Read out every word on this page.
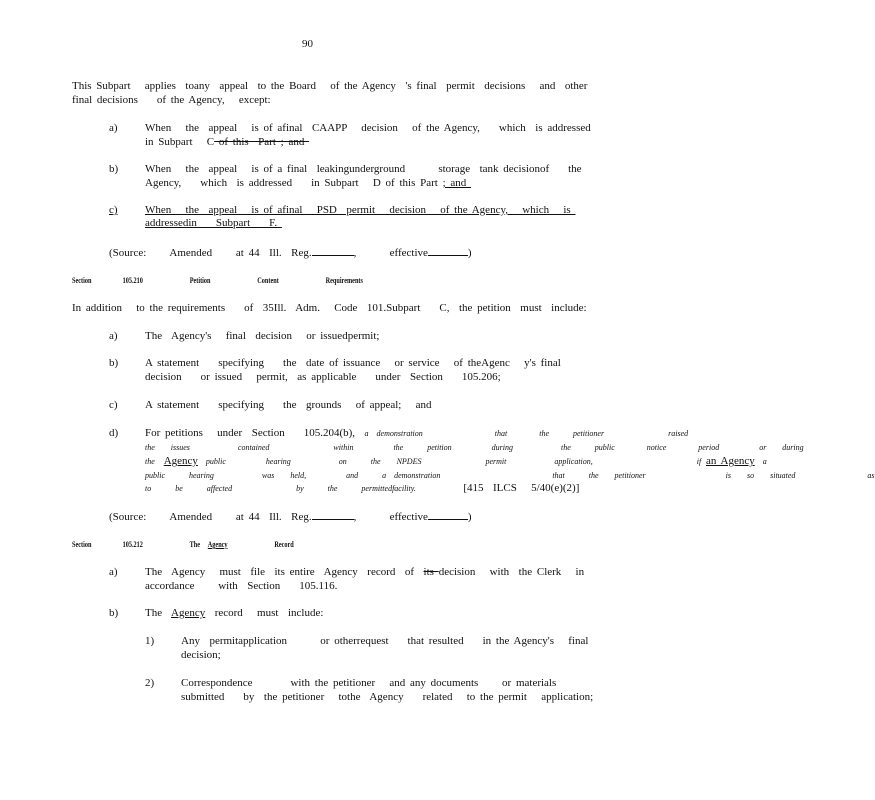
90
This Subpart   applies  toany  appeal  to the Board   of the Agency  's final  permit  decisions   and  other
final decisions    of the Agency,   except:
a) When   the  appeal   is of afinal  CAAPP   decision   of the Agency,    which  is addressed
in Subpart   C of this  Part ; and
b) When   the  appeal   is of a final  leakingunderground       storage  tank decisionof    the
Agency,    which  is addressed    in Subpart   D of this Part ; and
c) When   the  appeal   is of afinal   PSD  permit   decision   of the Agency,   which   is
addressedin    Subpart    F.
(Source:     Amended     at 44  Ill.  Reg.	,       effective	)
Section	105.210	Petition	Content	Requirements
In addition   to the requirements    of  35Ill.  Adm.   Code  101.Subpart    C,  the petition  must  include:
a) The  Agency's   final  decision   or issuedpermit;
b) A statement    specifying    the  date of issuance   or service   of theAgenc   y's final
decision    or issued   permit,  as applicable    under  Section    105.206;
c) A statement    specifying    the  grounds   of appeal;   and
d) For petitions   under  Section    105.204(b), a demonstration         that    the   petitioner        raised
the  issues      contained        within     the   petition     during      the   public    notice    period     or  during
the Agency public     hearing      on   the  NPDES        permit      application,             if an Agency a
public   hearing      was  held,     and   a demonstration              that   the  petitioner          is  so  situated         as
to   be   affected        by   the   permittedfacility.	[415  ILCS   5/40(e)(2)]
(Source:     Amended     at 44  Ill.  Reg.	,       effective	)
Section	105.212	The Agency	Record
a) The  Agency   must  file  its entire  Agency  record  of  its decision   with  the Clerk   in
accordance     with  Section    105.116.
b) The  Agency  record   must  include:
1) Any  permitapplication       or otherrequest    that resulted    in the Agency's   final
decision;
2) Correspondence        with the petitioner   and any documents     or materials
submitted    by  the petitioner   tothe  Agency    related   to the permit   application;
